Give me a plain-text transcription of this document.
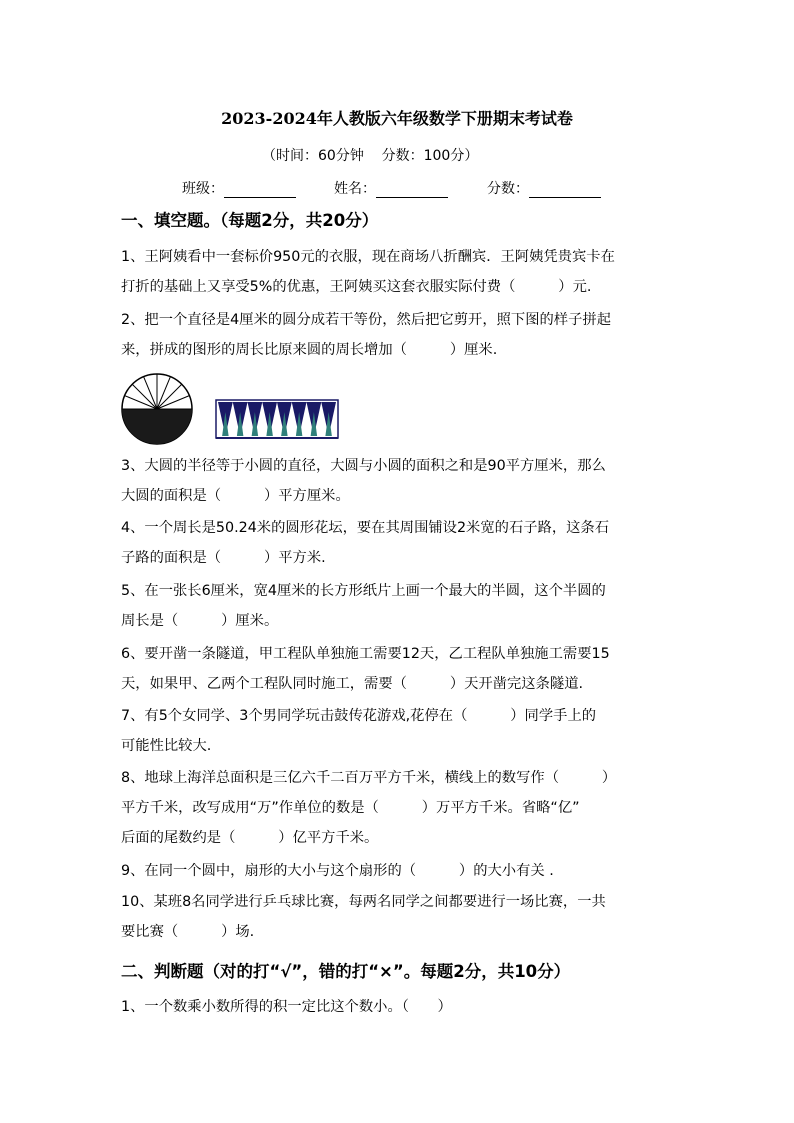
2023-2024年人教版六年级数学下册期末考试卷
（时间：60分钟    分数：100分）
班级：	姓名：	分数：
一、填空题。（每题2分，共20分）
1、王阿姨看中一套标价950元的衣服，现在商场八折酬宾．王阿姨凭贵宾卡在
打折的基础上又享受5%的优惠，王阿姨买这套衣服实际付费（　　　）元.
2、把一个直径是4厘米的圆分成若干等份，然后把它剪开，照下图的样子拼起
来，拼成的图形的周长比原来圆的周长增加（　　　）厘米.
3、大圆的半径等于小圆的直径，大圆与小圆的面积之和是90平方厘米，那么
大圆的面积是（　　　）平方厘米。
4、一个周长是50.24米的圆形花坛，要在其周围铺设2米宽的石子路，这条石
子路的面积是（　　　）平方米.
5、在一张长6厘米，宽4厘米的长方形纸片上画一个最大的半圆，这个半圆的
周长是（　　　）厘米。
6、要开凿一条隧道，甲工程队单独施工需要12天，乙工程队单独施工需要15
天，如果甲、乙两个工程队同时施工，需要（　　　）天开凿完这条隧道.
7、有5个女同学、3个男同学玩击鼓传花游戏,花停在（　　　）同学手上的
可能性比较大.
8、地球上海洋总面积是三亿六千二百万平方千米，横线上的数写作（　　　）
平方千米，改写成用“万”作单位的数是（　　　）万平方千米。省略“亿”
后面的尾数约是（　　　）亿平方千米。
9、在同一个圆中，扇形的大小与这个扇形的（　　　）的大小有关 .
10、某班8名同学进行乒乓球比赛，每两名同学之间都要进行一场比赛，一共
要比赛（　　　）场.
二、判断题（对的打“√”，错的打“×”。每题2分，共10分）
1、一个数乘小数所得的积一定比这个数小。（　　）
